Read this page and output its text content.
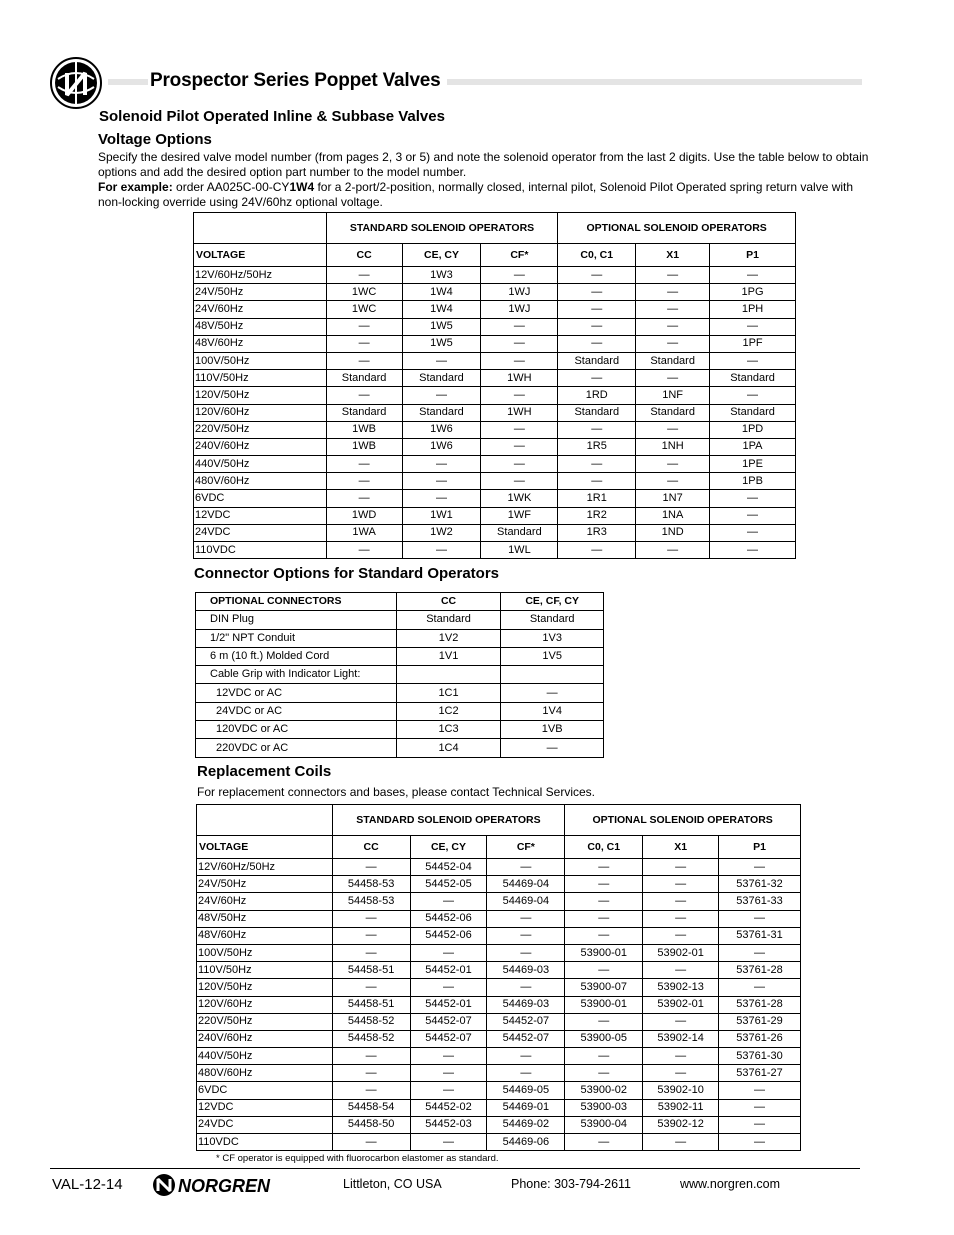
Prospector Series Poppet Valves
Solenoid Pilot Operated Inline & Subbase Valves
Voltage Options
Specify the desired valve model number (from pages 2, 3 or 5) and note the solenoid operator from the last 2 digits. Use the table below to obtain options and add the desired option part number to the model number.
For example: order AA025C-00-CY1W4 for a 2-port/2-position, normally closed, internal pilot, Solenoid Pilot Operated spring return valve with non-locking override using 24V/60hz optional voltage.
	STANDARD SOLENOID OPERATORS			OPTIONAL SOLENOID OPERATORS		
VOLTAGE	CC	CE, CY	CF*	C0, C1	X1	P1
12V/60Hz/50Hz	—	1W3	—	—	—	—
24V/50Hz	1WC	1W4	1WJ	—	—	1PG
24V/60Hz	1WC	1W4	1WJ	—	—	1PH
48V/50Hz	—	1W5	—	—	—	—
48V/60Hz	—	1W5	—	—	—	1PF
100V/50Hz	—	—	—	Standard	Standard	—
110V/50Hz	Standard	Standard	1WH	—	—	Standard
120V/50Hz	—	—	—	1RD	1NF	—
120V/60Hz	Standard	Standard	1WH	Standard	Standard	Standard
220V/50Hz	1WB	1W6	—	—	—	1PD
240V/60Hz	1WB	1W6	—	1R5	1NH	1PA
440V/50Hz	—	—	—	—	—	1PE
480V/60Hz	—	—	—	—	—	1PB
6VDC	—	—	1WK	1R1	1N7	—
12VDC	1WD	1W1	1WF	1R2	1NA	—
24VDC	1WA	1W2	Standard	1R3	1ND	—
110VDC	—	—	1WL	—	—	—
Connector Options for Standard Operators
OPTIONAL CONNECTORS	CC	CE, CF, CY
DIN Plug	Standard	Standard
1/2" NPT Conduit	1V2	1V3
6 m (10 ft.) Molded Cord	1V1	1V5
Cable Grip with Indicator Light:		
12VDC or AC	1C1	—
24VDC or AC	1C2	1V4
120VDC or AC	1C3	1VB
220VDC or AC	1C4	—
Replacement Coils
For replacement connectors and bases, please contact Technical Services.
	STANDARD SOLENOID OPERATORS			OPTIONAL SOLENOID OPERATORS		
VOLTAGE	CC	CE, CY	CF*	C0, C1	X1	P1
12V/60Hz/50Hz	—	54452-04	—	—	—	—
24V/50Hz	54458-53	54452-05	54469-04	—	—	53761-32
24V/60Hz	54458-53	—	54469-04	—	—	53761-33
48V/50Hz	—	54452-06	—	—	—	—
48V/60Hz	—	54452-06	—	—	—	53761-31
100V/50Hz	—	—	—	53900-01	53902-01	—
110V/50Hz	54458-51	54452-01	54469-03	—	—	53761-28
120V/50Hz	—	—	—	53900-07	53902-13	—
120V/60Hz	54458-51	54452-01	54469-03	53900-01	53902-01	53761-28
220V/50Hz	54458-52	54452-07	54452-07	—	—	53761-29
240V/60Hz	54458-52	54452-07	54452-07	53900-05	53902-14	53761-26
440V/50Hz	—	—	—	—	—	53761-30
480V/60Hz	—	—	—	—	—	53761-27
6VDC	—	—	54469-05	53900-02	53902-10	—
12VDC	54458-54	54452-02	54469-01	53900-03	53902-11	—
24VDC	54458-50	54452-03	54469-02	53900-04	53902-12	—
110VDC	—	—	54469-06	—	—	—
* CF operator is equipped with fluorocarbon elastomer as standard.
VAL-12-14	NORGREN	Littleton, CO USA	Phone: 303-794-2611	www.norgren.com
